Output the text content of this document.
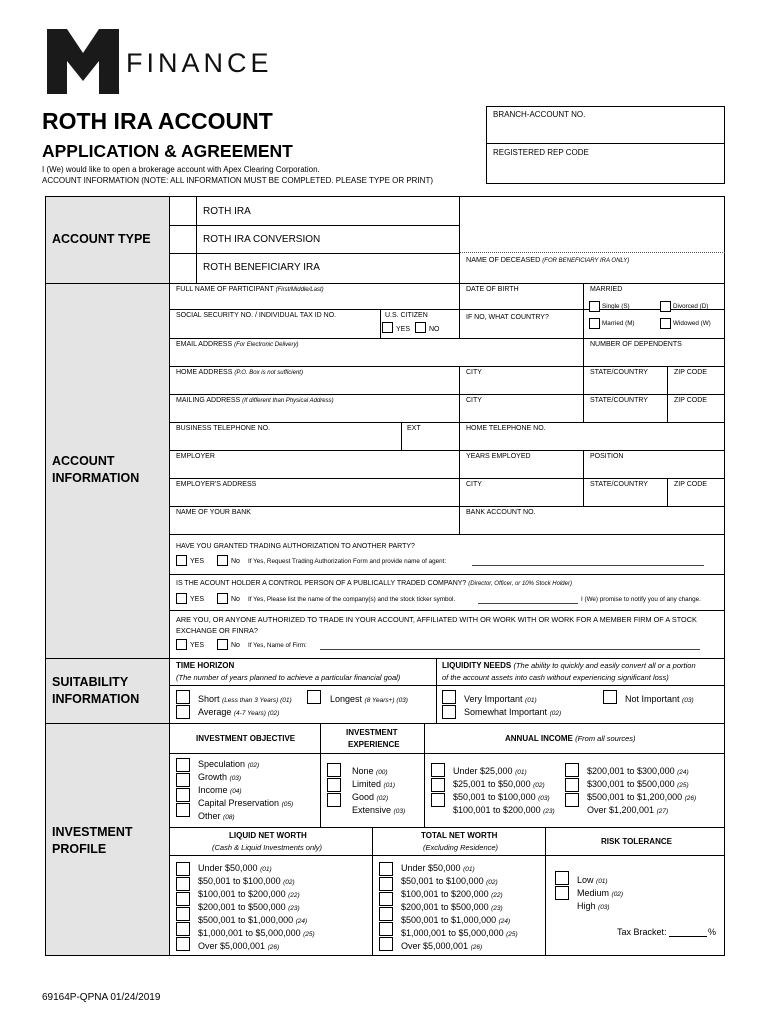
FINANCE
ROTH IRA ACCOUNT
APPLICATION & AGREEMENT
I (We) would like to open a brokerage account with Apex Clearing Corporation.
ACCOUNT INFORMATION (NOTE: ALL INFORMATION MUST BE COMPLETED. PLEASE TYPE OR PRINT)
BRANCH-ACCOUNT NO.
REGISTERED REP CODE
ACCOUNT TYPE
ACCOUNT
INFORMATION
SUITABILITY
INFORMATION
INVESTMENT
PROFILE
ROTH IRA
ROTH IRA CONVERSION
ROTH BENEFICIARY IRA
NAME OF DECEASED (FOR BENEFICIARY IRA ONLY)
FULL NAME OF PARTICIPANT (First/Middle/Last)	DATE OF BIRTH	MARRIED
Single (S)	Divorced (D)
Married (M)	Widowed (W)
SOCIAL SECURITY NO. / INDIVIDUAL TAX ID NO.	U.S. CITIZEN
YES	NO
IF NO, WHAT COUNTRY?
EMAIL ADDRESS (For Electronic Delivery)	NUMBER OF DEPENDENTS
HOME ADDRESS (P.O. Box is not sufficient)	CITY	STATE/COUNTRY	ZIP CODE
MAILING ADDRESS (If different than Physical Address)	CITY	STATE/COUNTRY	ZIP CODE
BUSINESS TELEPHONE NO.	EXT	HOME TELEPHONE NO.
EMPLOYER	YEARS EMPLOYED	POSITION
EMPLOYER'S ADDRESS	CITY	STATE/COUNTRY	ZIP CODE
NAME OF YOUR BANK	BANK ACCOUNT NO.
HAVE YOU GRANTED TRADING AUTHORIZATION TO ANOTHER PARTY?
YES	No If Yes, Request Trading Authorization Form and provide name of agent:
IS THE ACOUNT HOLDER A CONTROL PERSON OF A PUBLICALLY TRADED COMPANY? (Director, Officer, or 10% Stock Holder)
YES	No If Yes, Please list the name of the company(s) and the stock ticker symbol.	I (We) promise to notify you of any change.
ARE YOU, OR ANYONE AUTHORIZED TO TRADE IN YOUR ACCOUNT, AFFILIATED WITH OR WORK WITH OR WORK FOR A MEMBER FIRM OF A STOCK
EXCHANGE OR FINRA?
YES	No If Yes, Name of Firm:
TIME HORIZON
(The number of years planned to achieve a particular financial goal)
Short (Less than 3 Years) (01)
Average (4-7 Years) (02)
Longest (8 Years+) (03)
LIQUIDITY NEEDS (The ability to quickly and easily convert all or a portion
of the account assets into cash without experiencing significant loss)
Very Important (01)
Somewhat Important (02)
Not Important (03)
INVESTMENT OBJECTIVE
INVESTMENT
EXPERIENCE
ANNUAL INCOME (From all sources)
Speculation (02)
Growth (03)
Income (04)
Capital Preservation (05)
Other (08)
None (00)
Limited (01)
Good (02)
Extensive (03)
Under $25,000 (01)
$25,001 to $50,000 (02)
$50,001 to $100,000 (03)
$100,001 to $200,000 (23)
$200,001 to $300,000 (24)
$300,001 to $500,000 (25)
$500,001 to $1,200,000 (26)
Over $1,200,001 (27)
LIQUID NET WORTH
(Cash & Liquid Investments only)
TOTAL NET WORTH
(Excluding Residence)
RISK TOLERANCE
Under $50,000 (01)
$50,001 to $100,000 (02)
$100,001 to $200,000 (22)
$200,001 to $500,000 (23)
$500,001 to $1,000,000 (24)
$1,000,001 to $5,000,000 (25)
Over $5,000,001 (26)
Under $50,000 (01)
$50,001 to $100,000 (02)
$100,001 to $200,000 (22)
$200,001 to $500,000 (23)
$500,001 to $1,000,000 (24)
$1,000,001 to $5,000,000 (25)
Over $5,000,001 (26)
Low (01)
Medium (02)
High (03)
Tax Bracket:	%
69164P-QPNA 01/24/2019
